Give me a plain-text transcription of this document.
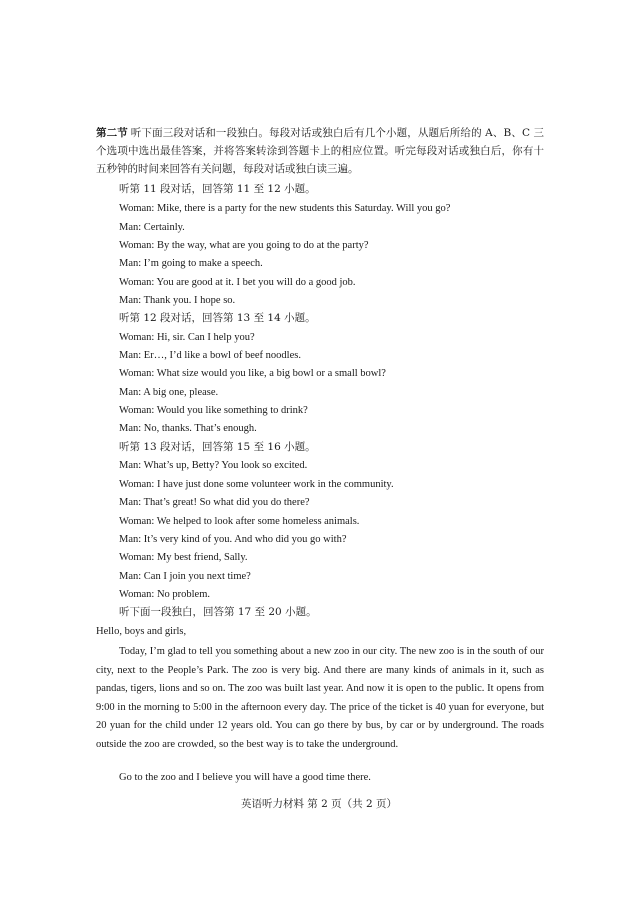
第二节 听下面三段对话和一段独白。每段对话或独白后有几个小题，从题后所给的 A、B、C 三个选项中选出最佳答案，并将答案转涂到答题卡上的相应位置。听完每段对话或独白后，你有十五秒钟的时间来回答有关问题，每段对话或独白读三遍。
听第 11 段对话，回答第 11 至 12 小题。
Woman: Mike, there is a party for the new students this Saturday. Will you go?
Man: Certainly.
Woman: By the way, what are you going to do at the party?
Man: I’m going to make a speech.
Woman: You are good at it. I bet you will do a good job.
Man: Thank you. I hope so.
听第 12 段对话，回答第 13 至 14 小题。
Woman: Hi, sir. Can I help you?
Man: Er…, I’d like a bowl of beef noodles.
Woman: What size would you like, a big bowl or a small bowl?
Man: A big one, please.
Woman: Would you like something to drink?
Man: No, thanks. That’s enough.
听第 13 段对话，回答第 15 至 16 小题。
Man: What’s up, Betty? You look so excited.
Woman: I have just done some volunteer work in the community.
Man: That’s great! So what did you do there?
Woman: We helped to look after some homeless animals.
Man: It’s very kind of you. And who did you go with?
Woman: My best friend, Sally.
Man: Can I join you next time?
Woman: No problem.
听下面一段独白，回答第 17 至 20 小题。
Hello, boys and girls,
Today, I’m glad to tell you something about a new zoo in our city. The new zoo is in the south of our city, next to the People’s Park. The zoo is very big. And there are many kinds of animals in it, such as pandas, tigers, lions and so on. The zoo was built last year. And now it is open to the public. It opens from 9:00 in the morning to 5:00 in the afternoon every day. The price of the ticket is 40 yuan for everyone, but 20 yuan for the child under 12 years old. You can go there by bus, by car or by underground. The roads outside the zoo are crowded, so the best way is to take the underground.
Go to the zoo and I believe you will have a good time there.
英语听力材料 第 2 页（共 2 页）
